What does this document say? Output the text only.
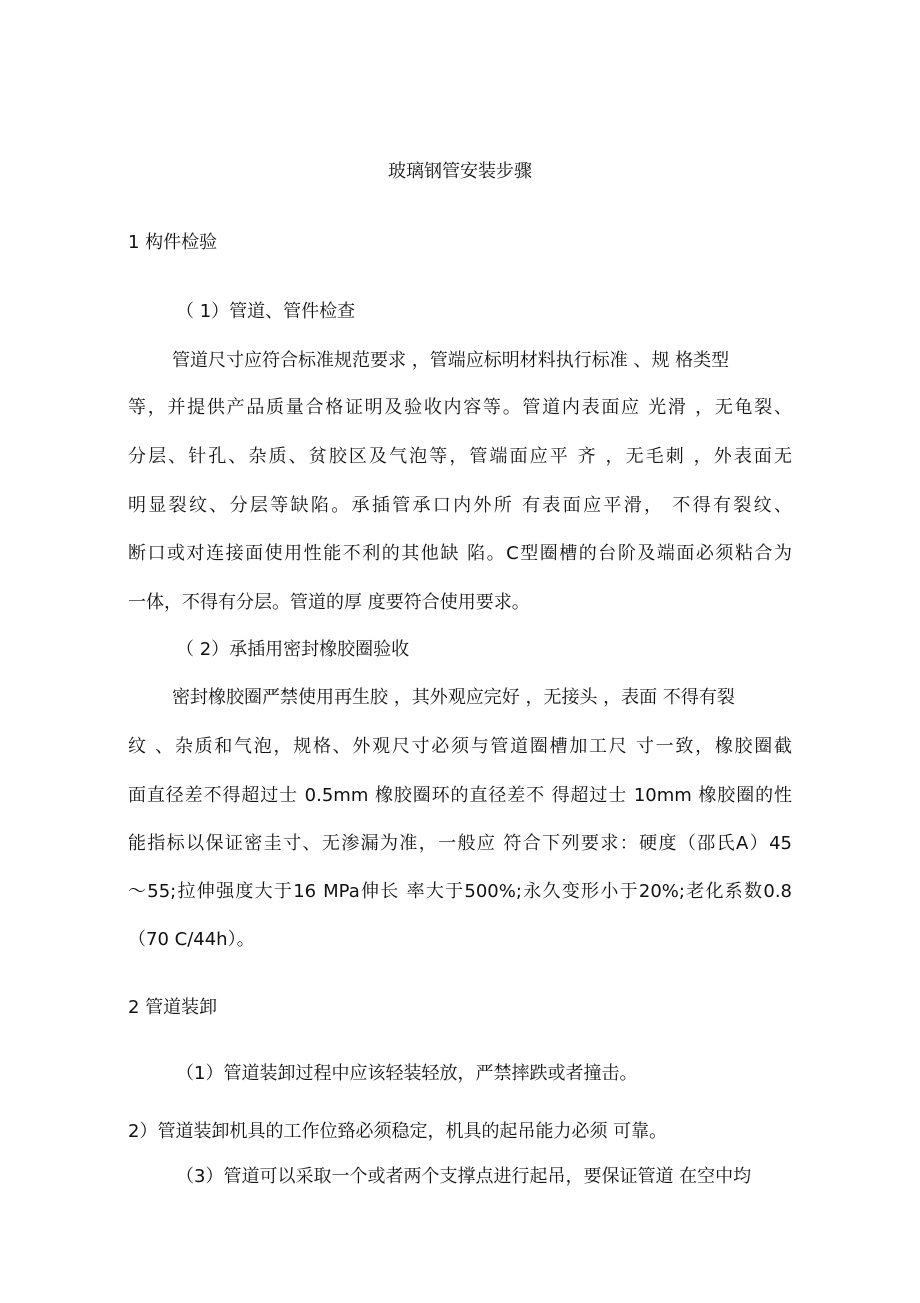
玻璃钢管安装步骤
1 构件检验
（ 1）管道、管件检查
管道尺寸应符合标准规范要求 ，管端应标明材料执行标准 、规 格类型
等，并提供产品质量合格证明及验收内容等。管道内表面应 光滑 ，无龟裂、
分层、针孔、杂质、贫胶区及气泡等，管端面应平 齐 ，无毛刺 ，外表面无
明显裂纹、分层等缺陷。承插管承口内外所 有表面应平滑， 不得有裂纹、
断口或对连接面使用性能不利的其他缺 陷。C型圈槽的台阶及端面必须粘合为
一体，不得有分层。管道的厚 度要符合使用要求。
（ 2）承插用密封橡胶圈验收
密封橡胶圈严禁使用再生胶 ，其外观应完好 ，无接头 ，表面 不得有裂
纹 、杂质和气泡，规格、外观尺寸必须与管道圈槽加工尺 寸一致，橡胶圈截
面直径差不得超过士 0.5mm 橡胶圈环的直径差不 得超过士 10mm 橡胶圈的性
能指标以保证密圭寸、无渗漏为准，一般应 符合下列要求：硬度（邵氏A）45
〜55;拉伸强度大于16 MPa伸长 率大于500%;永久变形小于20%;老化系数0.8
（70 C/44h）。
2 管道装卸
（1）管道装卸过程中应该轻装轻放，严禁摔跌或者撞击。
2）管道装卸机具的工作位臵必须稳定，机具的起吊能力必须 可靠。
（3）管道可以采取一个或者两个支撑点进行起吊，要保证管道 在空中均
